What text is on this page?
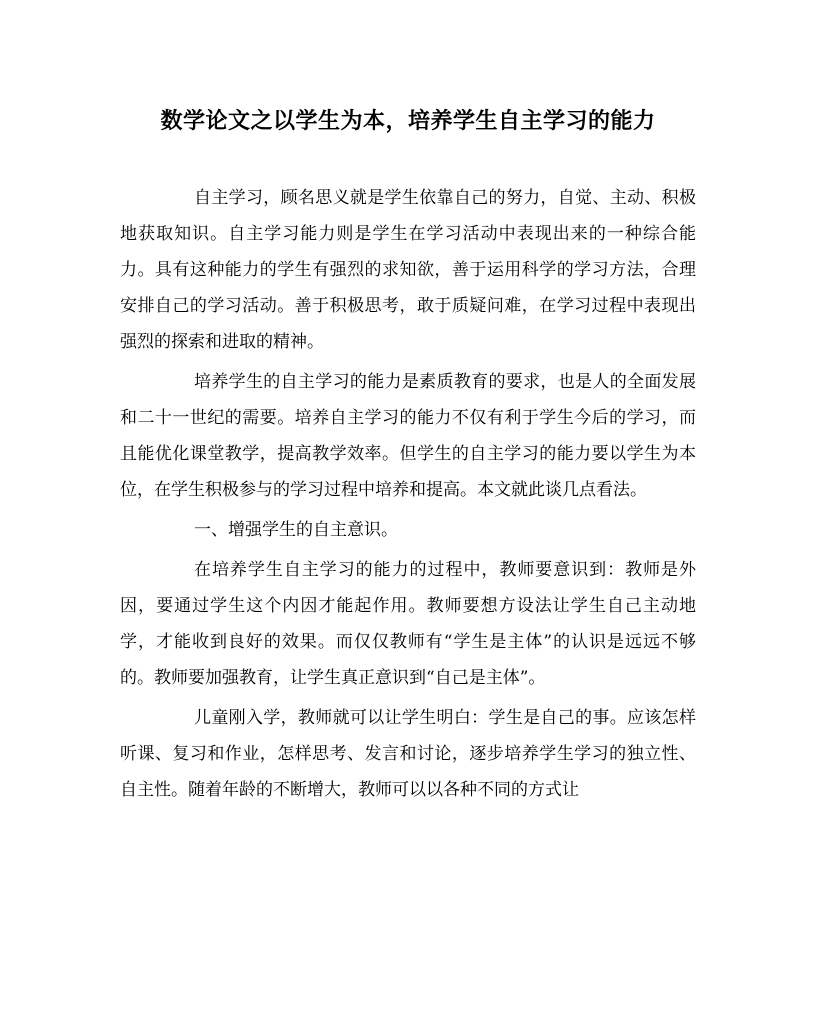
数学论文之以学生为本，培养学生自主学习的能力

自主学习，顾名思义就是学生依靠自己的努力，自觉、主动、积极地获取知识。自主学习能力则是学生在学习活动中表现出来的一种综合能力。具有这种能力的学生有强烈的求知欲，善于运用科学的学习方法，合理安排自己的学习活动。善于积极思考，敢于质疑问难，在学习过程中表现出强烈的探索和进取的精神。

培养学生的自主学习的能力是素质教育的要求，也是人的全面发展和二十一世纪的需要。培养自主学习的能力不仅有利于学生今后的学习，而且能优化课堂教学，提高教学效率。但学生的自主学习的能力要以学生为本位，在学生积极参与的学习过程中培养和提高。本文就此谈几点看法。

一、增强学生的自主意识。

在培养学生自主学习的能力的过程中，教师要意识到：教师是外因，要通过学生这个内因才能起作用。教师要想方设法让学生自己主动地学，才能收到良好的效果。而仅仅教师有“学生是主体”的认识是远远不够的。教师要加强教育，让学生真正意识到“自己是主体”。

儿童刚入学，教师就可以让学生明白：学生是自己的事。应该怎样听课、复习和作业，怎样思考、发言和讨论，逐步培养学生学习的独立性、自主性。随着年龄的不断增大，教师可以以各种不同的方式让
